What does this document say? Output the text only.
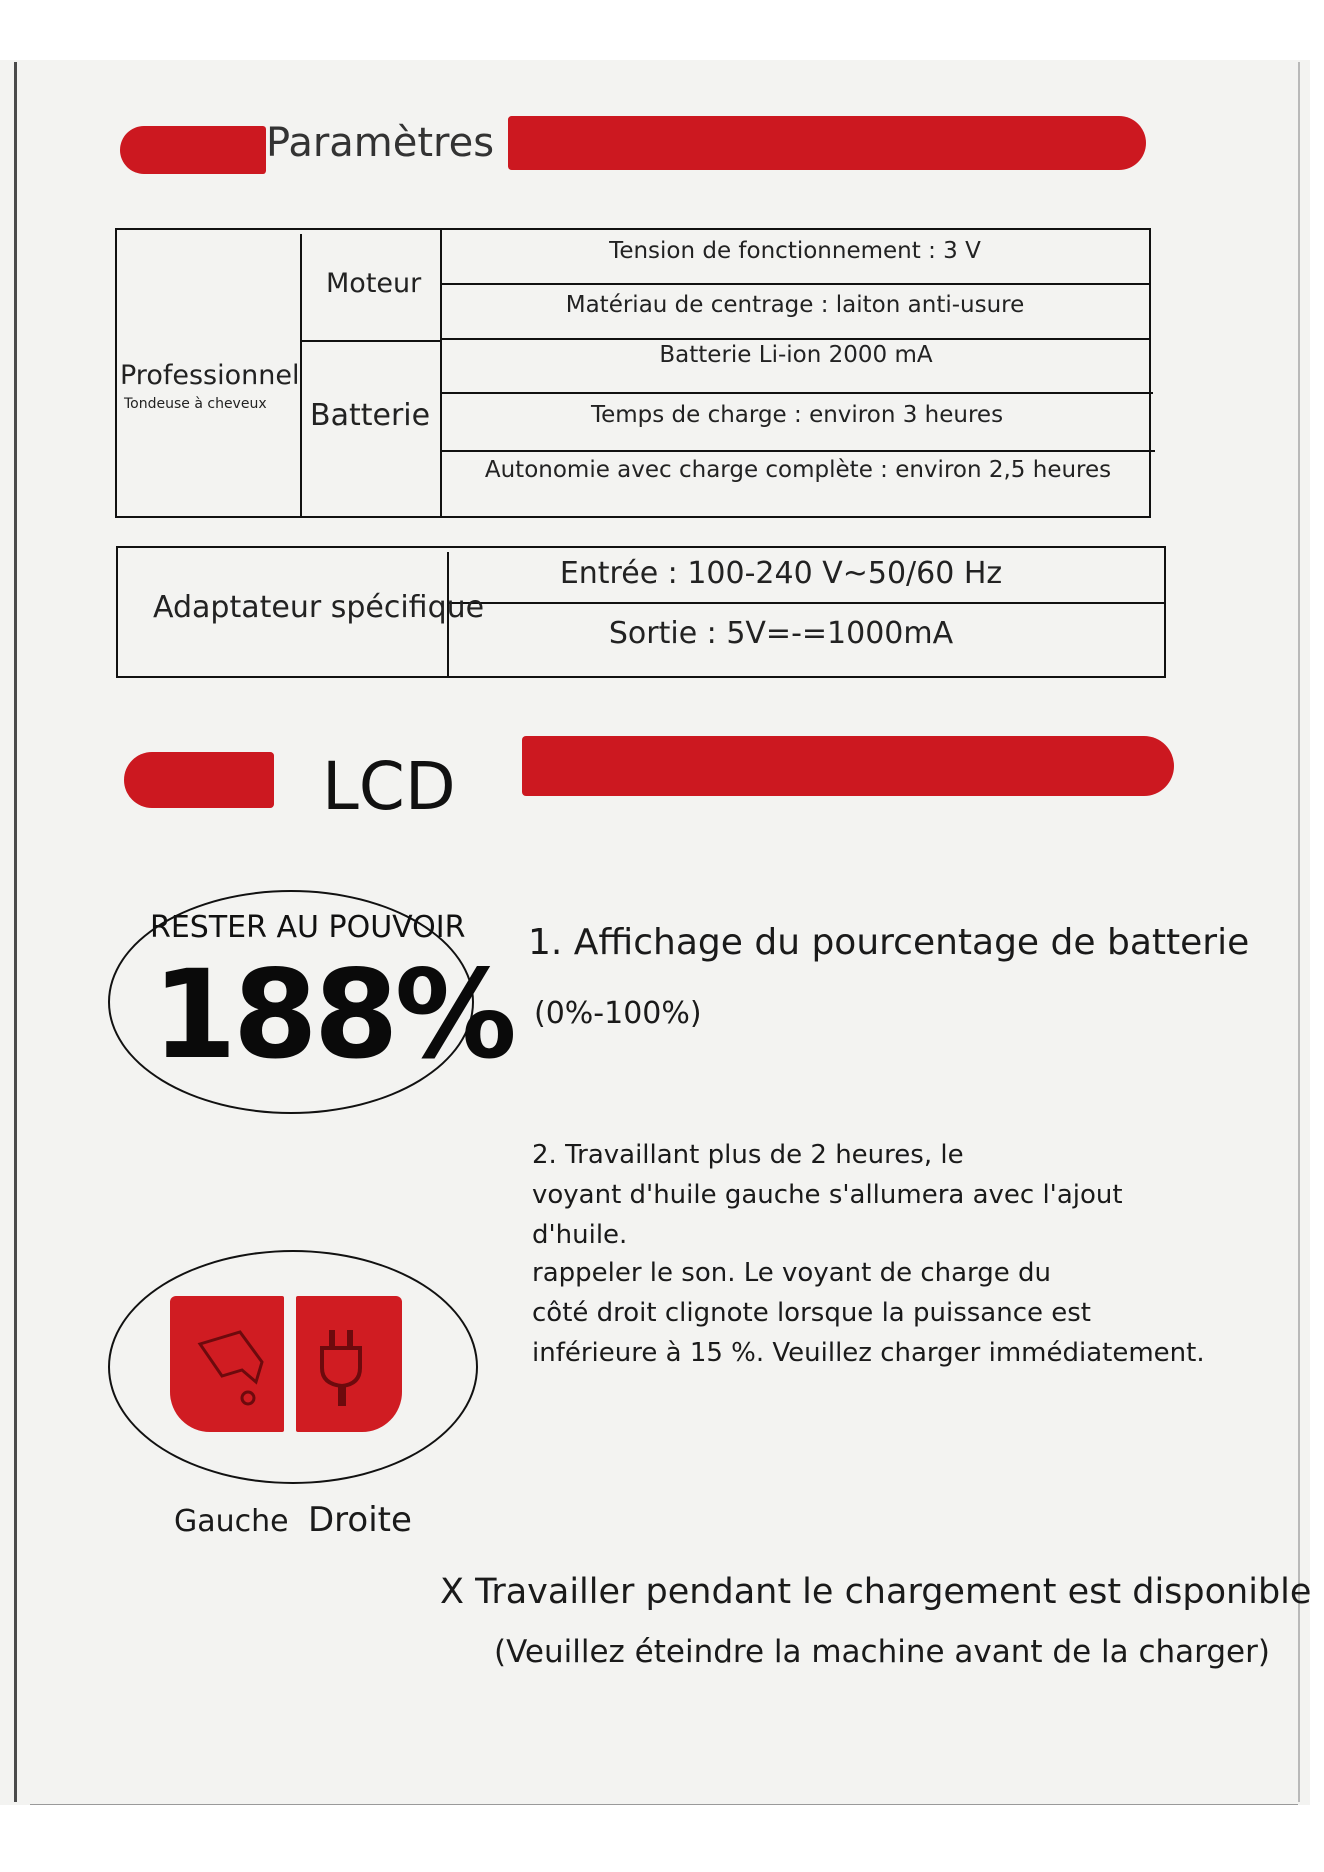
Paramètres
Professionnel
Tondeuse à cheveux
Moteur
Batterie
Tension de fonctionnement : 3 V
Matériau de centrage : laiton anti-usure
Batterie Li-ion 2000 mA
Temps de charge : environ 3 heures
Autonomie avec charge complète : environ 2,5 heures
Adaptateur spécifique
Entrée : 100-240 V~50/60 Hz
Sortie : 5V=-=1000mA
LCD
RESTER AU POUVOIR
188%
1. Affichage du pourcentage de batterie
(0%-100%)
2. Travaillant plus de 2 heures, le
voyant d'huile gauche s'allumera avec l'ajout
d'huile.
rappeler le son. Le voyant de charge du
côté droit clignote lorsque la puissance est
inférieure à 15 %. Veuillez charger immédiatement.
Gauche Droite
X Travailler pendant le chargement est disponible
(Veuillez éteindre la machine avant de la charger)
